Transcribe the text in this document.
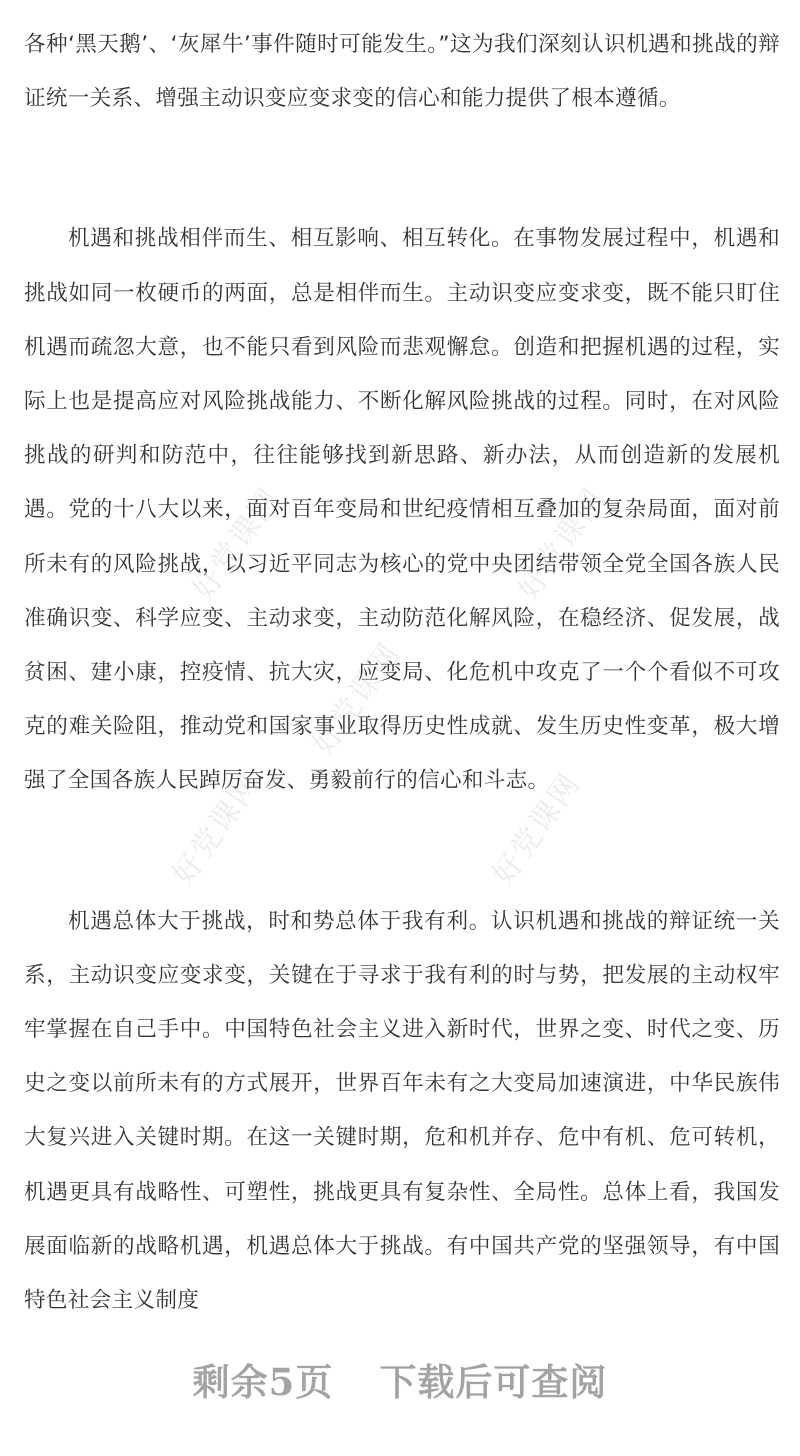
好党课网	好党课网
好党课网
好党课网	好党课网

各种‘黑天鹅’、‘灰犀牛’事件随时可能发生。”这为我们深刻认识机遇和挑战的辩证统一关系、增强主动识变应变求变的信心和能力提供了根本遵循。

机遇和挑战相伴而生、相互影响、相互转化。在事物发展过程中，机遇和挑战如同一枚硬币的两面，总是相伴而生。主动识变应变求变，既不能只盯住机遇而疏忽大意，也不能只看到风险而悲观懈怠。创造和把握机遇的过程，实际上也是提高应对风险挑战能力、不断化解风险挑战的过程。同时，在对风险挑战的研判和防范中，往往能够找到新思路、新办法，从而创造新的发展机遇。党的十八大以来，面对百年变局和世纪疫情相互叠加的复杂局面，面对前所未有的风险挑战，以习近平同志为核心的党中央团结带领全党全国各族人民准确识变、科学应变、主动求变，主动防范化解风险，在稳经济、促发展，战贫困、建小康，控疫情、抗大灾，应变局、化危机中攻克了一个个看似不可攻克的难关险阻，推动党和国家事业取得历史性成就、发生历史性变革，极大增强了全国各族人民踔厉奋发、勇毅前行的信心和斗志。

机遇总体大于挑战，时和势总体于我有利。认识机遇和挑战的辩证统一关系，主动识变应变求变，关键在于寻求于我有利的时与势，把发展的主动权牢牢掌握在自己手中。中国特色社会主义进入新时代，世界之变、时代之变、历史之变以前所未有的方式展开，世界百年未有之大变局加速演进，中华民族伟大复兴进入关键时期。在这一关键时期，危和机并存、危中有机、危可转机，机遇更具有战略性、可塑性，挑战更具有复杂性、全局性。总体上看，我国发展面临新的战略机遇，机遇总体大于挑战。有中国共产党的坚强领导，有中国特色社会主义制度

剩余5页 下载后可查阅
